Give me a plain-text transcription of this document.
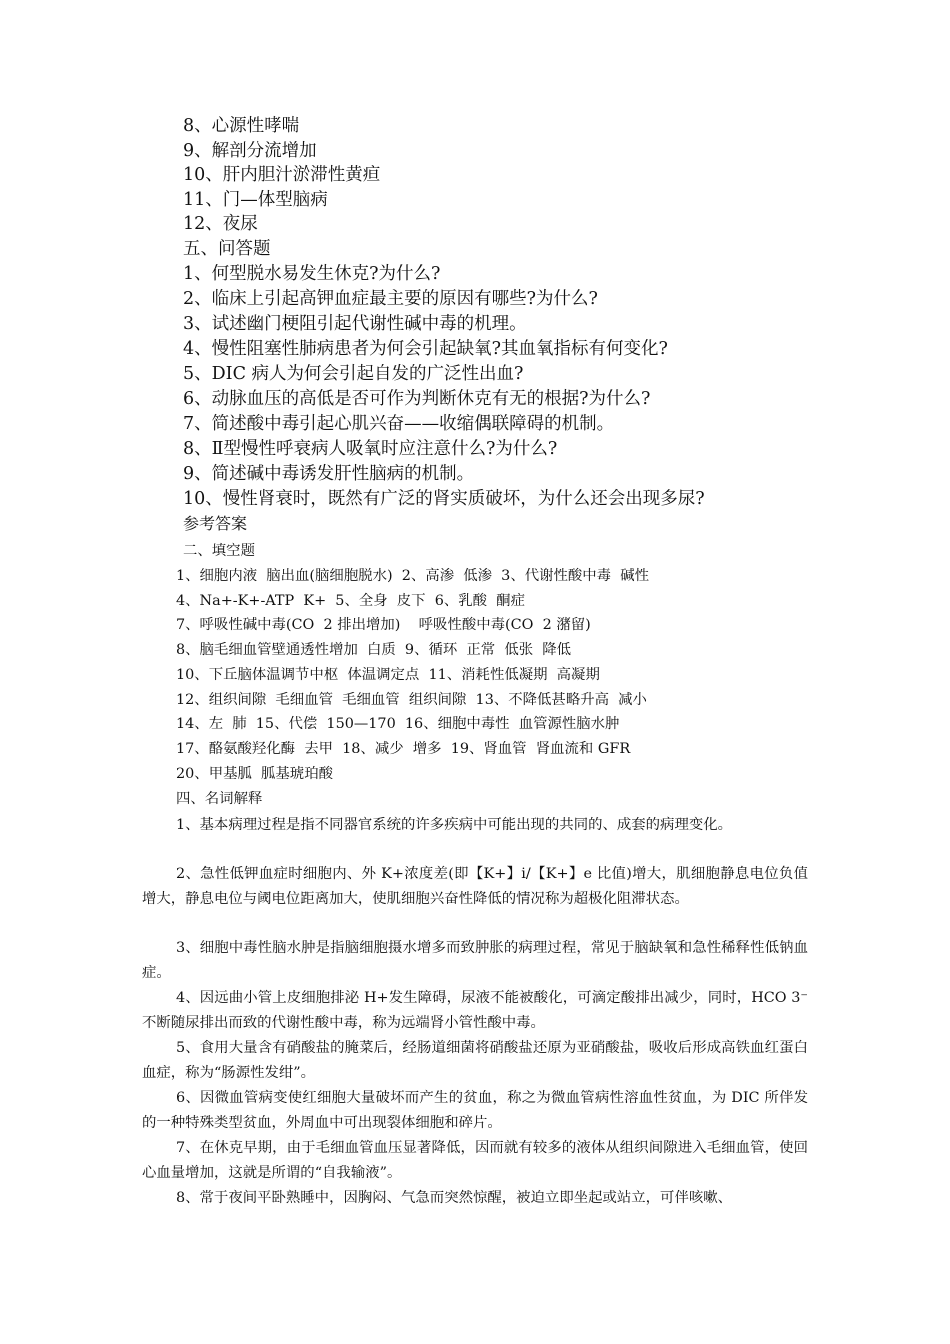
8、心源性哮喘
9、解剖分流增加
10、肝内胆汁淤滞性黄疸
11、门—体型脑病
12、夜尿
五、问答题
1、何型脱水易发生休克?为什么?
2、临床上引起高钾血症最主要的原因有哪些?为什么?
3、试述幽门梗阻引起代谢性碱中毒的机理。
4、慢性阻塞性肺病患者为何会引起缺氧?其血氧指标有何变化?
5、DIC 病人为何会引起自发的广泛性出血?
6、动脉血压的高低是否可作为判断休克有无的根据?为什么?
7、简述酸中毒引起心肌兴奋——收缩偶联障碍的机制。
8、Ⅱ型慢性呼衰病人吸氧时应注意什么?为什么?
9、简述碱中毒诱发肝性脑病的机制。
10、慢性肾衰时，既然有广泛的肾实质破坏，为什么还会出现多尿?
参考答案
二、填空题
1、细胞内液  脑出血(脑细胞脱水)  2、高渗  低渗  3、代谢性酸中毒  碱性
4、Na+-K+-ATP  K+  5、全身  皮下  6、乳酸  酮症
7、呼吸性碱中毒(CO  2 排出增加)    呼吸性酸中毒(CO  2 潴留)
8、脑毛细血管壁通透性增加  白质  9、循环  正常  低张  降低
10、下丘脑体温调节中枢  体温调定点  11、消耗性低凝期  高凝期
12、组织间隙  毛细血管  毛细血管  组织间隙  13、不降低甚略升高  减小
14、左  肺  15、代偿  150—170  16、细胞中毒性  血管源性脑水肿
17、酪氨酸羟化酶  去甲  18、减少  增多  19、肾血管  肾血流和 GFR
20、甲基胍  胍基琥珀酸
四、名词解释
1、基本病理过程是指不同器官系统的许多疾病中可能出现的共同的、成套的病理变化。
2、急性低钾血症时细胞内、外 K+浓度差(即【K+】i/【K+】e 比值)增大，肌细胞静息电位负值增大，静息电位与阈电位距离加大，使肌细胞兴奋性降低的情况称为超极化阻滞状态。
3、细胞中毒性脑水肿是指脑细胞摄水增多而致肿胀的病理过程，常见于脑缺氧和急性稀释性低钠血症。
4、因远曲小管上皮细胞排泌 H+发生障碍，尿液不能被酸化，可滴定酸排出减少，同时，HCO 3⁻不断随尿排出而致的代谢性酸中毒，称为远端肾小管性酸中毒。
5、食用大量含有硝酸盐的腌菜后，经肠道细菌将硝酸盐还原为亚硝酸盐，吸收后形成高铁血红蛋白血症，称为“肠源性发绀”。
6、因微血管病变使红细胞大量破坏而产生的贫血，称之为微血管病性溶血性贫血，为 DIC 所伴发的一种特殊类型贫血，外周血中可出现裂体细胞和碎片。
7、在休克早期，由于毛细血管血压显著降低，因而就有较多的液体从组织间隙进入毛细血管，使回心血量增加，这就是所谓的“自我输液”。
8、常于夜间平卧熟睡中，因胸闷、气急而突然惊醒，被迫立即坐起或站立，可伴咳嗽、
